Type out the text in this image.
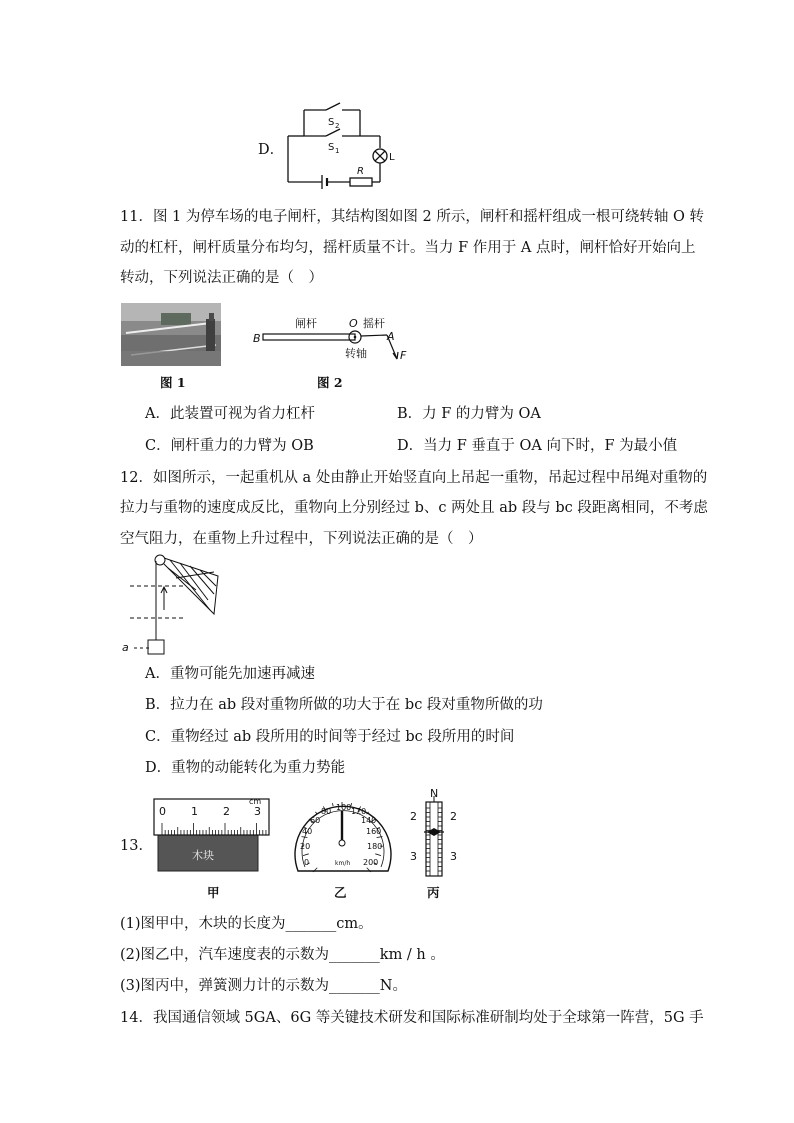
D．
S 2
S 1
L
R
11．图 1 为停车场的电子闸杆，其结构图如图 2 所示，闸杆和摇杆组成一根可绕转轴 O 转
动的杠杆，闸杆质量分布均匀，摇杆质量不计。当力 F 作用于 A 点时，闸杆恰好开始向上
转动，下列说法正确的是（　）
图 1
闸杆	O 摇杆
A
B
转轴	F
图 2
A．此装置可视为省力杠杆	B．力 F 的力臂为 OA
C．闸杆重力的力臂为 OB	D．当力 F 垂直于 OA 向下时，F 为最小值
12．如图所示，一起重机从 a 处由静止开始竖直向上吊起一重物，吊起过程中吊绳对重物的
拉力与重物的速度成反比，重物向上分别经过 b、c 两处且 ab 段与 bc 段距离相同，不考虑
空气阻力，在重物上升过程中，下列说法正确的是（　）
a
A．重物可能先加速再减速
B．拉力在 ab 段对重物所做的功大于在 bc 段对重物所做的功
C．重物经过 ab 段所用的时间等于经过 bc 段所用的时间
D．重物的动能转化为重力势能
13．
0 1 2 3
cm
木块
0
20
40
60
80 100 120
140
160
180
200
km/h
N
2
3
2
3
甲	乙	丙
(1)图甲中，木块的长度为_______cm。
(2)图乙中，汽车速度表的示数为_______km / h 。
(3)图丙中，弹簧测力计的示数为_______N。
14．我国通信领域 5GA、6G 等关键技术研发和国际标准研制均处于全球第一阵营，5G 手
